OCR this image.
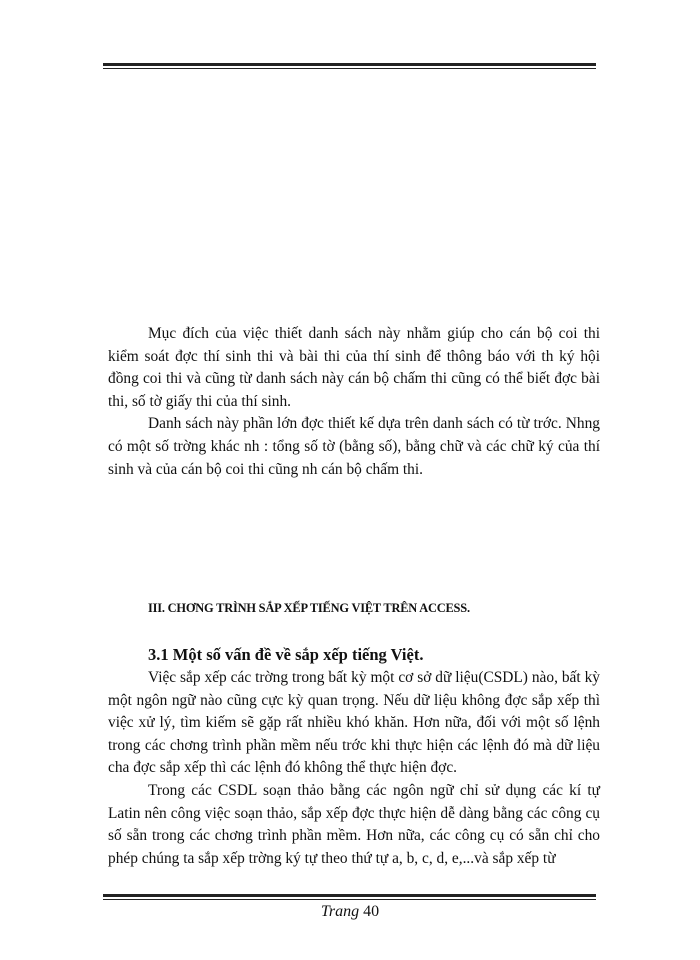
Mục đích của việc thiết danh sách này nhằm giúp cho cán bộ coi thi kiểm soát đợc thí sinh thi và bài thi của thí sinh để thông báo với th ký hội đồng coi thi và cũng từ danh sách này cán bộ chấm thi cũng có thể biết đợc bài thi, số tờ giấy thi của thí sinh.

Danh sách này phần lớn đợc thiết kế dựa trên danh sách có từ trớc. Nhng có một số trờng khác nh : tổng số tờ (bằng số), bằng chữ và các chữ ký của thí sinh và của cán bộ coi thi cũng nh cán bộ chấm thi.

III. CHƠNG TRÌNH SẮP XẾP TIẾNG VIỆT TRÊN ACCESS.

3.1 Một số vấn đề về sắp xếp tiếng Việt.

Việc sắp xếp các trờng trong bất kỳ một cơ sở dữ liệu(CSDL) nào, bất kỳ một ngôn ngữ nào cũng cực kỳ quan trọng. Nếu dữ liệu không đợc sắp xếp thì việc xử lý, tìm kiếm sẽ gặp rất nhiều khó khăn. Hơn nữa, đối với một số lệnh trong các chơng trình phần mềm nếu trớc khi thực hiện các lệnh đó mà dữ liệu cha đợc sắp xếp thì các lệnh đó không thể thực hiện đợc.

Trong các CSDL soạn thảo bằng các ngôn ngữ chỉ sử dụng các kí tự Latin nên công việc soạn thảo, sắp xếp đợc thực hiện dễ dàng bằng các công cụ số sẵn trong các chơng trình phần mềm. Hơn nữa, các công cụ có sẵn chỉ cho phép chúng ta sắp xếp trờng ký tự theo thứ tự a, b, c, d, e,...và sắp xếp từ

Trang 40
